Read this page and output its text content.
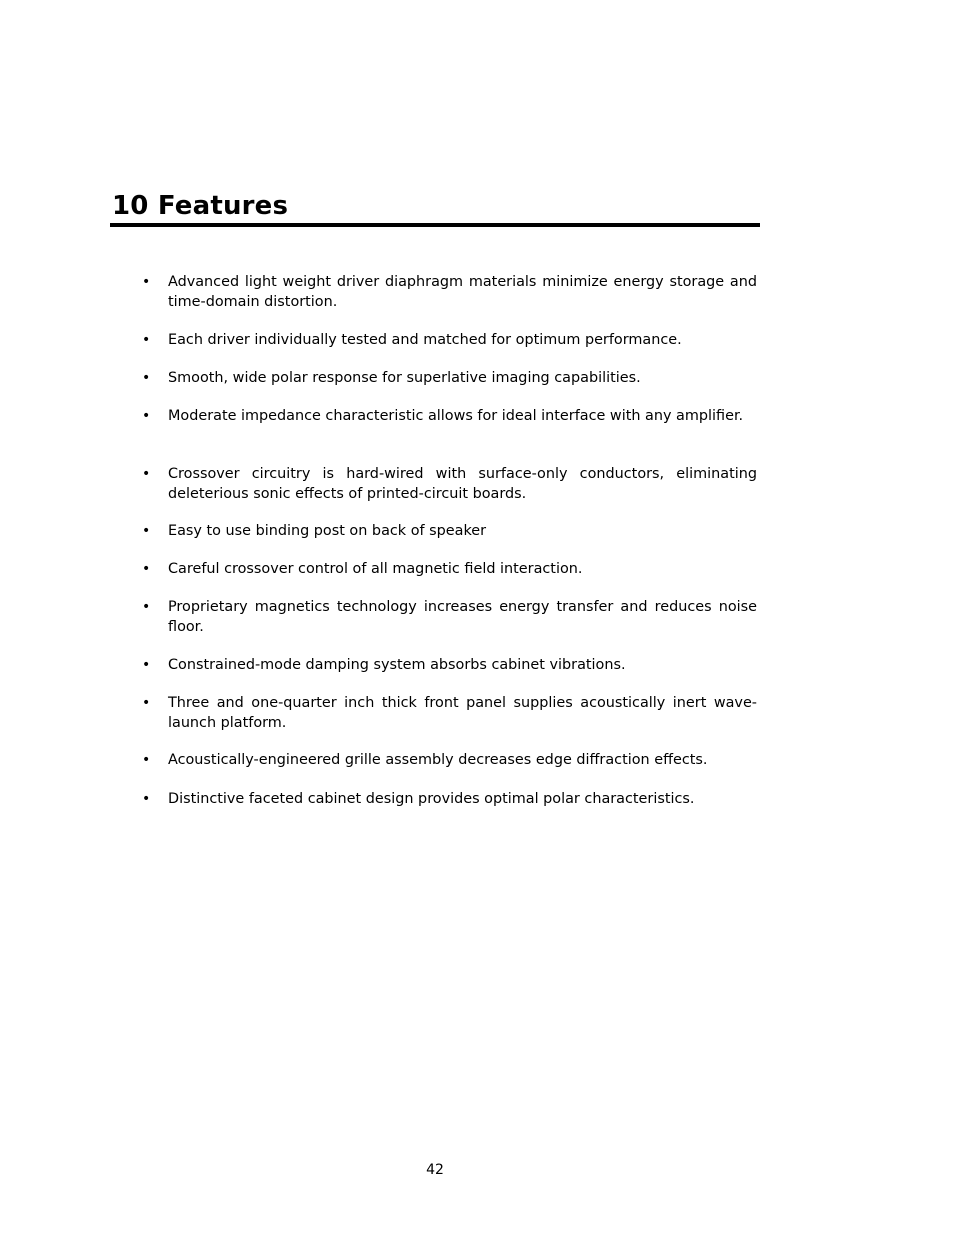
10 Features
• Advanced light weight driver diaphragm materials minimize energy storage and time-domain distortion.
• Each driver individually tested and matched for optimum performance.
• Smooth, wide polar response for superlative imaging capabilities.
• Moderate impedance characteristic allows for ideal interface with any amplifier.
• Crossover circuitry is hard-wired with surface-only conductors, eliminating deleterious sonic effects of printed-circuit boards.
• Easy to use binding post on back of speaker
• Careful crossover control of all magnetic field interaction.
• Proprietary magnetics technology increases energy transfer and reduces noise floor.
• Constrained-mode damping system absorbs cabinet vibrations.
• Three and one-quarter inch thick front panel supplies acoustically inert wave-launch platform.
• Acoustically-engineered grille assembly decreases edge diffraction effects.
• Distinctive faceted cabinet design provides optimal polar characteristics.
42
